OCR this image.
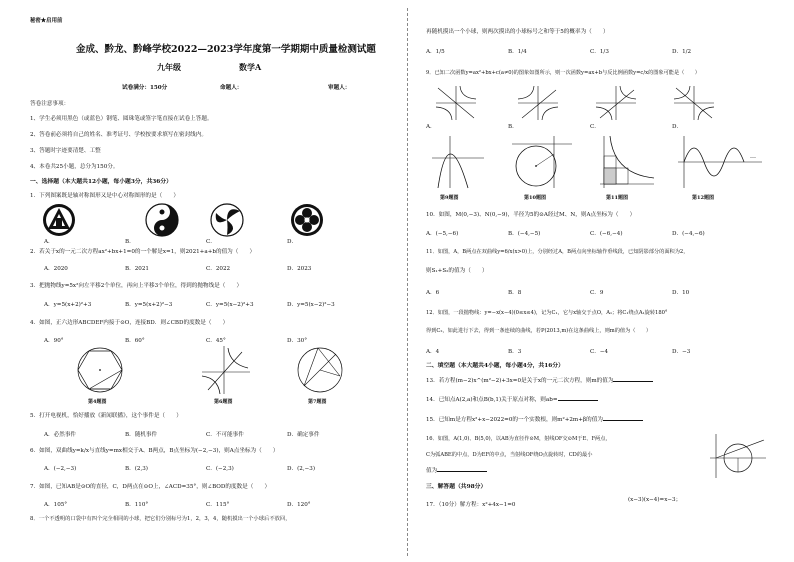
秘密★启用前
金成、黔龙、黔峰学校2022—2023学年度第一学期期中质量检测试题
九年级	数学A
试卷满分：150分	命题人：	审题人：
答卷注意事项：
1、学生必须用黑色（或蓝色）钢笔、圆珠笔或签字笔直接在试卷上答题。
2、答卷前必须将自己的姓名、准考证号、学校按要求填写在密封线内。
3、答题时字迹要清楚、工整
4、本卷共25小题，总分为150分。
一、选择题（本大题共12小题，每小题3分，共36分）
1．下列图案既是轴对称图形又是中心对称图形的是（　　）
A．	B．	C．	D．
2．若关于x的一元二次方程ax²+bx+1=0的一个解是x=1，则2021+a+b的值为（　　）
A．2020	B．2021	C．2022	D．2023
3．把抛物线y=5x²向左平移2个单位，再向上平移3个单位，得到的抛物线是（　　）
A．y=5(x+2)²+3	B．y=5(x+2)²−3	C．y=5(x−2)²+3	D．y=5(x−2)²−3
4．如图，正六边形ABCDEF内接于⊙O，连接BD．则∠CBD的度数是（　　）
A．90°	B．60°	C．45°	D．30°
第4题图	第6题图	第7题图
5．打开电视机，恰好播放《新闻联播》，这个事件是（　　）
A．必然事件	B．随机事件	C．不可能事件	D．确定事件
6．如图，双曲线y=k/x与直线y=mx相交于A、B两点，B点坐标为(−2,−3)，则A点坐标为（　　）
A．(−2,−3)	B．(2,3)	C．(−2,3)	D．(2,−3)
7．如图，已知AB是⊙O的直径，C，D两点在⊙O上，∠ACD=35°，则∠BOD的度数是（　　）
A．105°	B．110°	C．115°	D．120°
8．一个不透明的口袋中有四个完全相同的小球，把它们分别标号为1，2，3，4，随机摸出一个小球后不放回，
再随机摸出一个小球，则两次摸出的小球标号之和等于5的概率为（　　）
A．1/5	B．1/4	C．1/3	D．1/2
9．已知二次函数y=ax²+bx+c(a≠0)的图象如图所示，则一次函数y=ax+b与反比例函数y=c/x的图象可能是（　　）
A．	B．	C．	D．
…
第9题图	第10题图	第11题图	第12题图
10．如图，M(0,−3)、N(0,−9)，半径为5的⊙A经过M、N，则A点坐标为（　　）
A．(−5,−6)	B．(−4,−5)	C．(−6,−4)	D．(−4,−6)
11．如图，A，B两点在双曲线y=6/x(x>0)上，分别经过A，B两点向坐标轴作垂线段，已知阴影部分的面积为2，
则S₁+S₂的值为（　　）
A．6	B．8	C．9	D．10
12．如图，一段抛物线：y=−x(x−4)(0≤x≤4)，记为C₁，它与x轴交于点O，A₁；将C₁绕点A₁旋转180°
得到C₂，如此进行下去，得到一条连续的曲线，若P(2013,m)在这条曲线上，则m的值为（　　）
A．4	B．3	C．−4	D．−3
二、填空题（本大题共4小题，每小题4分，共16分）
13．若方程(m−2)x^(m²−2)+3x=0是关于x的一元二次方程，则m的值为
14．已知点A(2,a)和点B(b,1)关于原点对称，则ab=
15．已知m是方程x²+x−2022=0的一个实数根，则m²+2m+β的值为
16．如图，A(1,0)、B(5,0)，以AB为直径作⊙M，射线OF交⊙M于E、F两点，
C为弧ABE的中点，D为EF的中点，当射线OF绕O点旋转时，CD的最小
值为
三、解答题（共98分）
17．（10分）解方程：x²+4x−1=0
(x−3)(x−4)=x−3；
